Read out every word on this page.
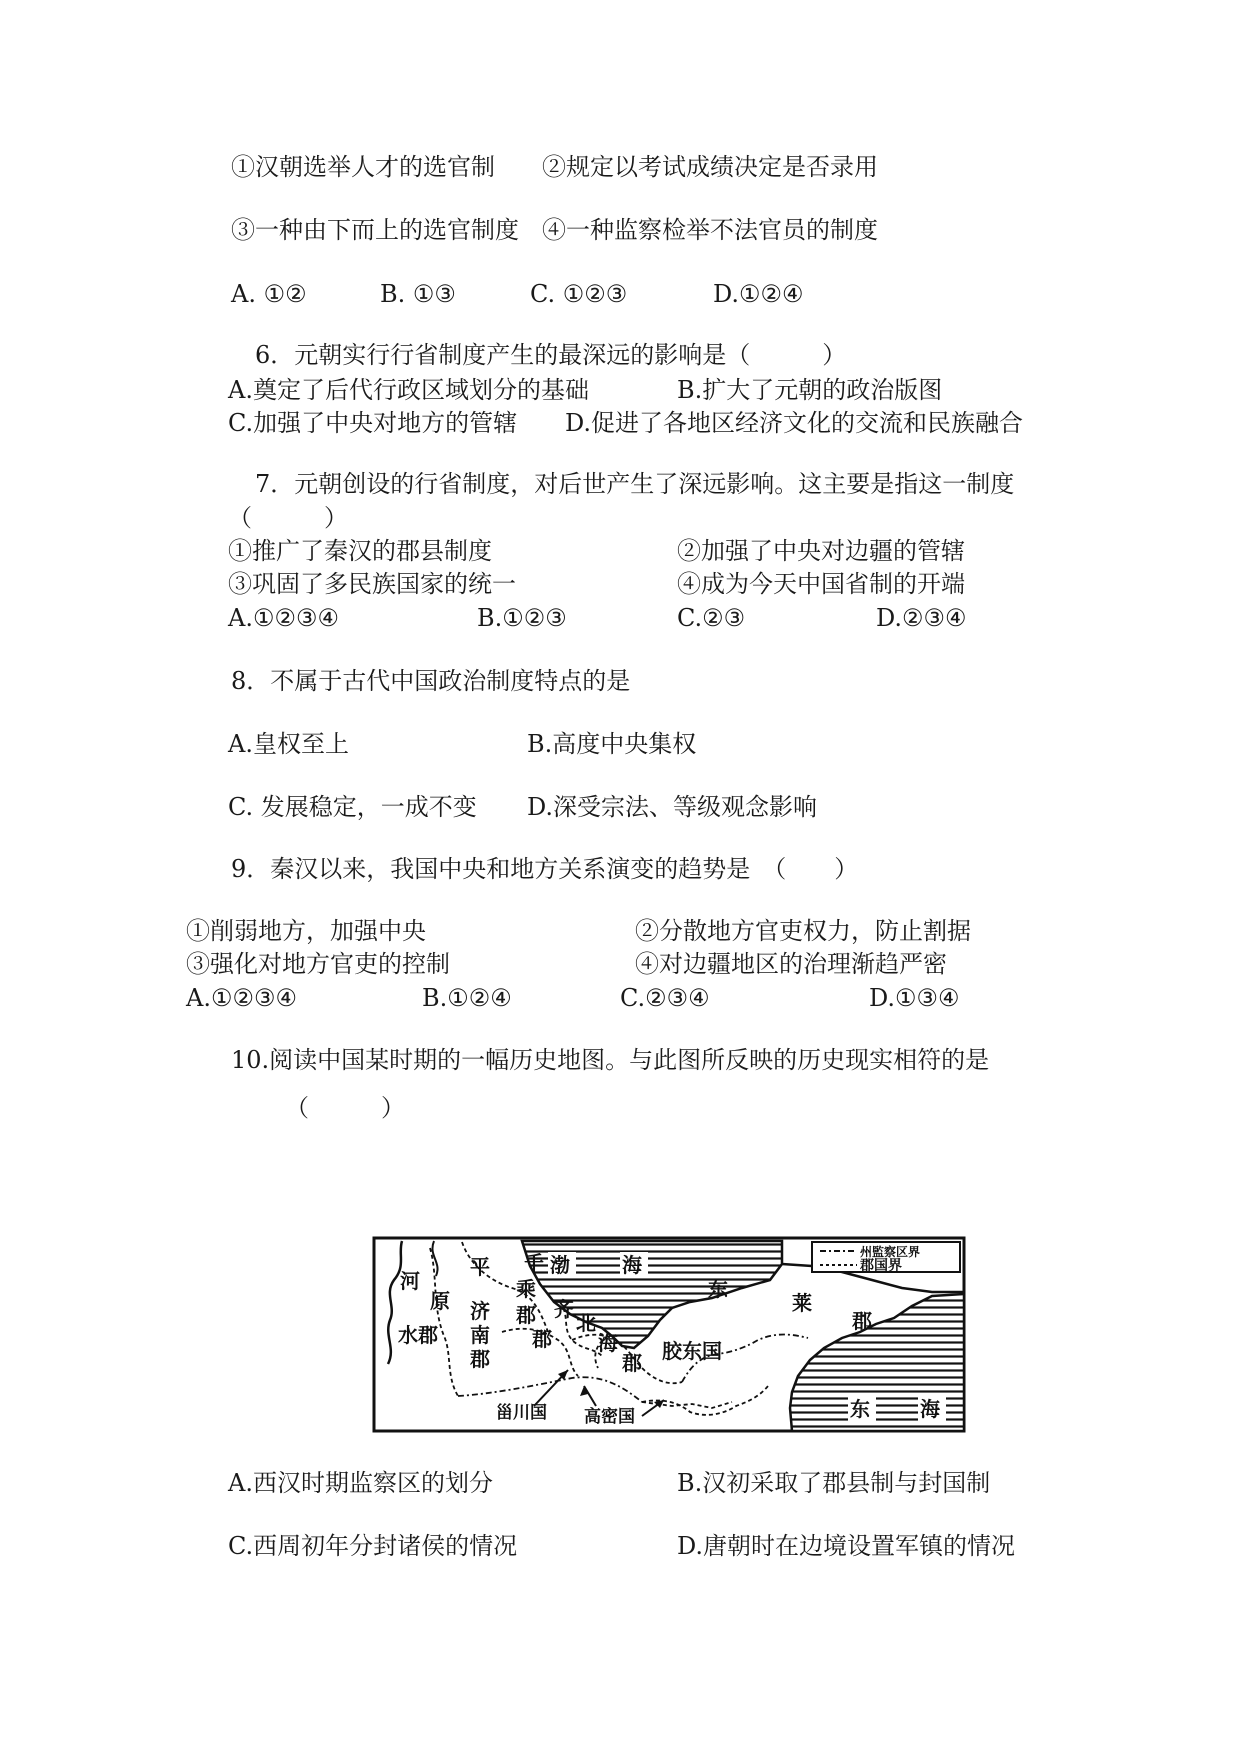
①汉朝选举人才的选官制 ②规定以考试成绩决定是否录用
③一种由下而上的选官制度 ④一种监察检举不法官员的制度
A. ①②	B. ①③	C. ①②③	D.①②④
6．元朝实行行省制度产生的最深远的影响是（　　　）
A.奠定了后代行政区域划分的基础	B.扩大了元朝的政治版图
C.加强了中央对地方的管辖 D.促进了各地区经济文化的交流和民族融合
7．元朝创设的行省制度，对后世产生了深远影响。这主要是指这一制度
（　　　）
①推广了秦汉的郡县制度	②加强了中央对边疆的管辖
③巩固了多民族国家的统一	④成为今天中国省制的开端
A.①②③④	B.①②③	C.②③	D.②③④
8．不属于古代中国政治制度特点的是
A.皇权至上	B.高度中央集权
C. 发展稳定，一成不变 D.深受宗法、等级观念影响
9．秦汉以来，我国中央和地方关系演变的趋势是　（　　）
①削弱地方，加强中央	②分散地方官吏权力，防止割据
③强化对地方官吏的控制	④对边疆地区的治理渐趋严密
A.①②③④	B.①②④	C.②③④	D.①③④
10.阅读中国某时期的一幅历史地图。与此图所反映的历史现实相符的是
（　　　）
州監察区界
郡国界
河
原
水郡
平 千
乘
郡
济
南
郡
齐
郡
北
海
郡 胶东国
东
莱
郡
渤	海
东	海
甾川国 高密国
A.西汉时期监察区的划分	B.汉初采取了郡县制与封国制
C.西周初年分封诸侯的情况	D.唐朝时在边境设置军镇的情况
